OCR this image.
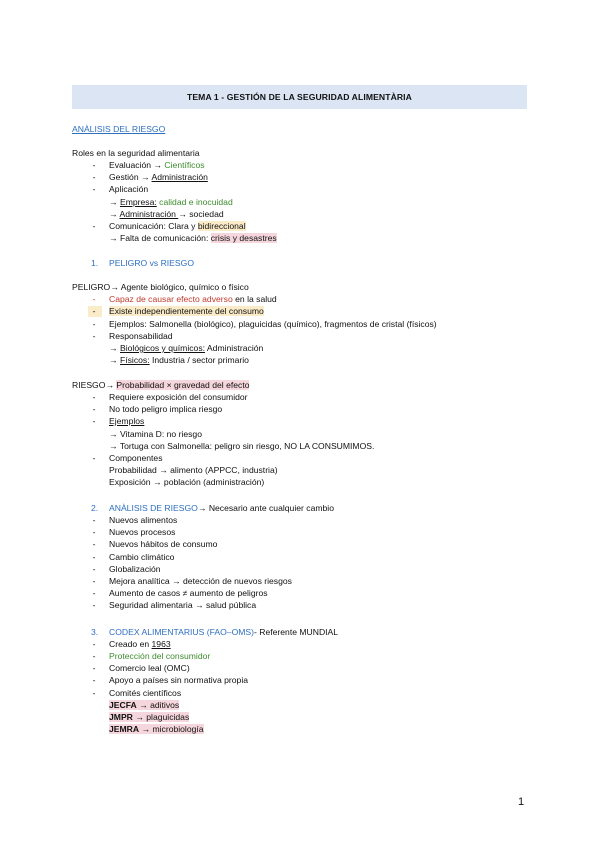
TEMA 1 - GESTIÓN DE LA SEGURIDAD ALIMENTÀRIA
ANÀLISIS DEL RIESGO
Roles en la seguridad alimentaria
- Evaluación → Científicos
- Gestión → Administración
- Aplicación
→ Empresa: calidad e inocuidad
→ Administración → sociedad
- Comunicación: Clara y bidireccional
→ Falta de comunicación: crisis y desastres
1. PELIGRO vs RIESGO
PELIGRO→ Agente biológico, químico o físico
- Capaz de causar efecto adverso en la salud
- Existe independientemente del consumo
- Ejemplos: Salmonella (biológico), plaguicidas (químico), fragmentos de cristal (físicos)
- Responsabilidad
→ Biológicos y químicos: Administración
→ Físicos: Industria / sector primario
RIESGO→ Probabilidad × gravedad del efecto
- Requiere exposición del consumidor
- No todo peligro implica riesgo
- Ejemplos
→ Vitamina D: no riesgo
→ Tortuga con Salmonella: peligro sin riesgo, NO LA CONSUMIMOS.
- Componentes
Probabilidad → alimento (APPCC, industria)
Exposición → población (administración)
2. ANÀLISIS DE RIESGO→ Necesario ante cualquier cambio
- Nuevos alimentos
- Nuevos procesos
- Nuevos hábitos de consumo
- Cambio climático
- Globalización
- Mejora analítica → detección de nuevos riesgos
- Aumento de casos ≠ aumento de peligros
- Seguridad alimentaria → salud pública
3. CODEX ALIMENTARIUS (FAO–OMS)- Referente MUNDIAL
- Creado en 1963
- Protección del consumidor
- Comercio leal (OMC)
- Apoyo a países sin normativa propia
- Comités científicos
JECFA → aditivos
JMPR → plaguicidas
JEMRA → microbiología
1
